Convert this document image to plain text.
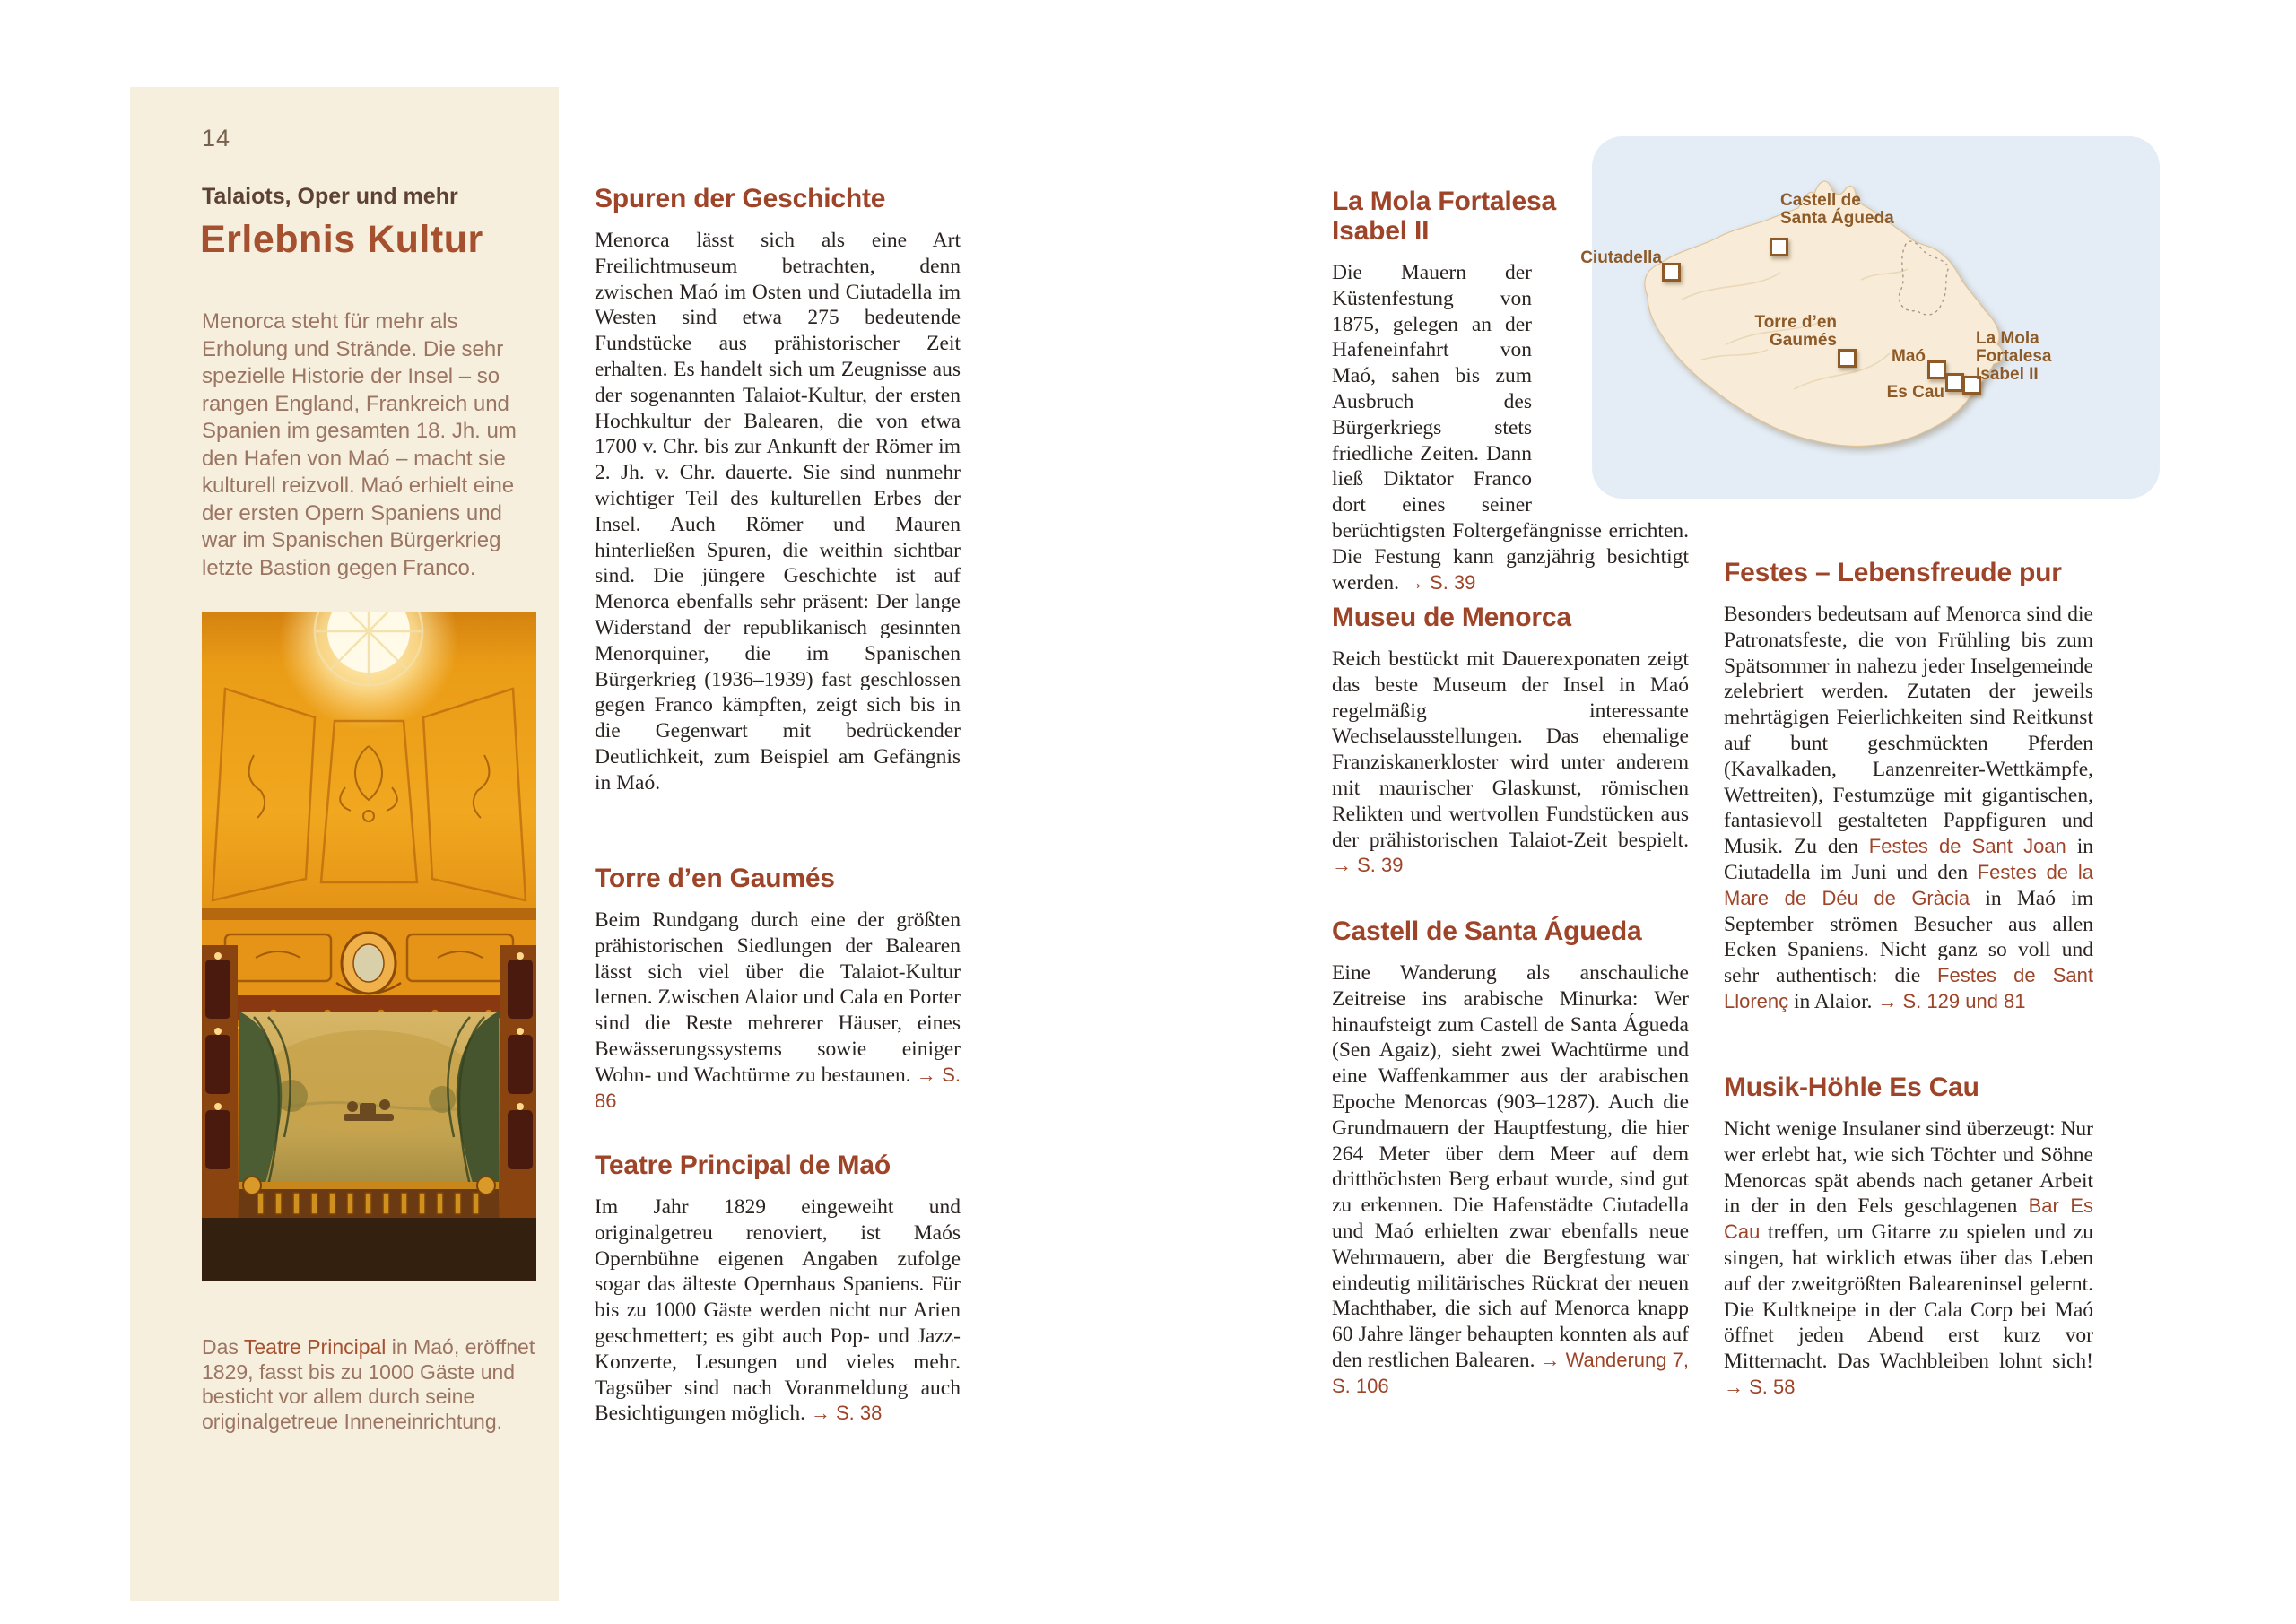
14
Talaiots, Oper und mehr
Erlebnis Kultur

Menorca steht für mehr als Erholung und Strände. Die sehr spezielle Historie der Insel – so rangen England, Frankreich und Spanien im gesamten 18. Jh. um den Hafen von Maó – macht sie kulturell reizvoll. Maó erhielt eine der ersten Opern Spaniens und war im Spanischen Bürgerkrieg letzte Bastion gegen Franco.

Das Teatre Principal in Maó, eröffnet 1829, fasst bis zu 1000 Gäste und besticht vor allem durch seine originalgetreue Inneneinrichtung.

Spuren der Geschichte

Menorca lässt sich als eine Art Freilichtmuseum betrachten, denn zwischen Maó im Osten und Ciutadella im Westen sind etwa 275 bedeutende Fundstücke aus prähistorischer Zeit erhalten. Es handelt sich um Zeugnisse aus der sogenannten Talaiot-Kultur, der ersten Hochkultur der Balearen, die von etwa 1700 v. Chr. bis zur Ankunft der Römer im 2. Jh. v. Chr. dauerte. Sie sind nunmehr wichtiger Teil des kulturellen Erbes der Insel. Auch Römer und Mauren hinterließen Spuren, die weithin sichtbar sind. Die jüngere Geschichte ist auf Menorca ebenfalls sehr präsent: Der lange Widerstand der republikanisch gesinnten Menorquiner, die im Spanischen Bürgerkrieg (1936–1939) fast geschlossen gegen Franco kämpften, zeigt sich bis in die Gegenwart mit bedrückender Deutlichkeit, zum Beispiel am Gefängnis in Maó.

Torre d’en Gaumés

Beim Rundgang durch eine der größten prähistorischen Siedlungen der Balearen lässt sich viel über die Talaiot-Kultur lernen. Zwischen Alaior und Cala en Porter sind die Reste mehrerer Häuser, eines Bewässerungssystems sowie einiger Wohn- und Wachtürme zu bestaunen. → S. 86

Teatre Principal de Maó

Im Jahr 1829 eingeweiht und originalgetreu renoviert, ist Maós Opernbühne eigenen Angaben zufolge sogar das älteste Opernhaus Spaniens. Für bis zu 1000 Gäste werden nicht nur Arien geschmettert; es gibt auch Pop- und Jazz-Konzerte, Lesungen und vieles mehr. Tagsüber sind nach Voranmeldung auch Besichtigungen möglich. → S. 38

La Mola Fortalesa
Isabel II

Die Mauern der Küstenfestung von 1875, gelegen an der Hafeneinfahrt von Maó, sahen bis zum Ausbruch des Bürgerkriegs stets friedliche Zeiten. Dann ließ Diktator Franco dort eines seiner berüchtigsten Foltergefängnisse errichten. Die Festung kann ganzjährig besichtigt werden. → S. 39

Museu de Menorca

Reich bestückt mit Dauerexponaten zeigt das beste Museum der Insel in Maó regelmäßig interessante Wechselausstellungen. Das ehemalige Franziskanerkloster wird unter anderem mit maurischer Glaskunst, römischen Relikten und wertvollen Fundstücken aus der prähistorischen Talaiot-Zeit bespielt. → S. 39

Castell de Santa Águeda

Eine Wanderung als anschauliche Zeitreise ins arabische Minurka: Wer hinaufsteigt zum Castell de Santa Águeda (Sen Agaiz), sieht zwei Wachtürme und eine Waffenkammer aus der arabischen Epoche Menorcas (903–1287). Auch die Grundmauern der Hauptfestung, die hier 264 Meter über dem Meer auf dem dritthöchsten Berg erbaut wurde, sind gut zu erkennen. Die Hafenstädte Ciutadella und Maó erhielten zwar ebenfalls neue Wehrmauern, aber die Bergfestung war eindeutig militärisches Rückrat der neuen Machthaber, die sich auf Menorca knapp 60 Jahre länger behaupten konnten als auf den restlichen Balearen. → Wanderung 7, S. 106

Festes – Lebensfreude pur

Besonders bedeutsam auf Menorca sind die Patronatsfeste, die von Frühling bis zum Spätsommer in nahezu jeder Inselgemeinde zelebriert werden. Zutaten der jeweils mehrtägigen Feierlichkeiten sind Reitkunst auf bunt geschmückten Pferden (Kavalkaden, Lanzenreiter-Wettkämpfe, Wettreiten), Festumzüge mit gigantischen, fantasievoll gestalteten Pappfiguren und Musik. Zu den Festes de Sant Joan in Ciutadella im Juni und den Festes de la Mare de Déu de Gràcia in Maó im September strömen Besucher aus allen Ecken Spaniens. Nicht ganz so voll und sehr authentisch: die Festes de Sant Llorenç in Alaior. → S. 129 und 81

Musik-Höhle Es Cau

Nicht wenige Insulaner sind überzeugt: Nur wer erlebt hat, wie sich Töchter und Söhne Menorcas spät abends nach getaner Arbeit in der in den Fels geschlagenen Bar Es Cau treffen, um Gitarre zu spielen und zu singen, hat wirklich etwas über das Leben auf der zweitgrößten Baleareninsel gelernt. Die Kultkneipe in der Cala Corp bei Maó öffnet jeden Abend erst kurz vor Mitternacht. Das Wachbleiben lohnt sich! → S. 58

Ciutadella
Castell de
Santa Águeda
Torre d’en
Gaumés
Maó
Es Cau
La Mola
Fortalesa
Isabel II
